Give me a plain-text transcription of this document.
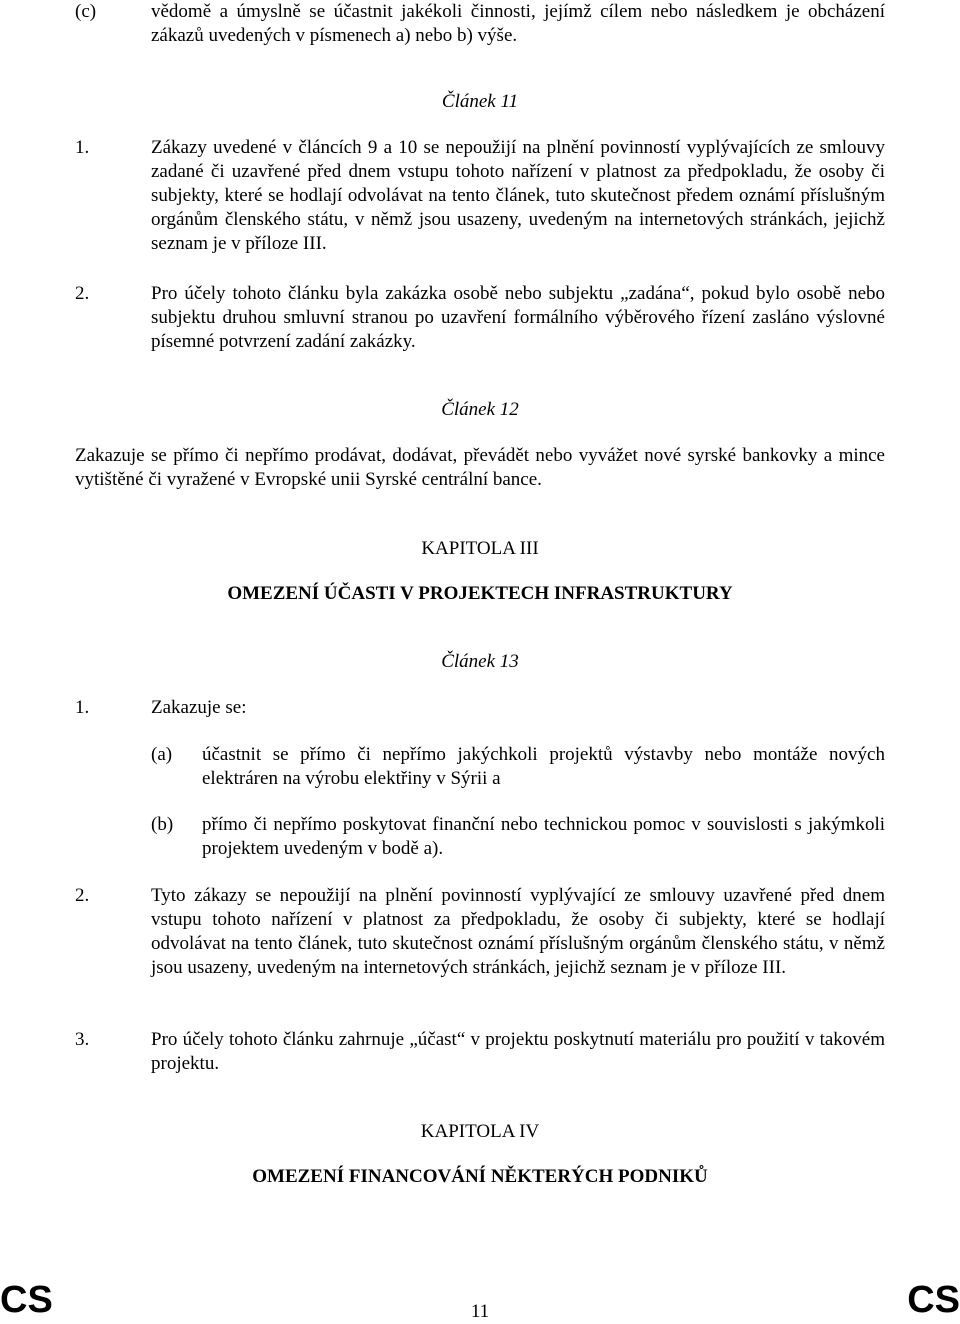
(c)	vědomě a úmyslně se účastnit jakékoli činnosti, jejímž cílem nebo následkem je obcházení zákazů uvedených v písmenech a) nebo b) výše.
Článek 11
1.	Zákazy uvedené v článcích 9 a 10 se nepoužijí na plnění povinností vyplývajících ze smlouvy zadané či uzavřené před dnem vstupu tohoto nařízení v platnost za předpokladu, že osoby či subjekty, které se hodlají odvolávat na tento článek, tuto skutečnost předem oznámí příslušným orgánům členského státu, v němž jsou usazeny, uvedeným na internetových stránkách, jejichž seznam je v příloze III.
2.	Pro účely tohoto článku byla zakázka osobě nebo subjektu „zadána“, pokud bylo osobě nebo subjektu druhou smluvní stranou po uzavření formálního výběrového řízení zasláno výslovné písemné potvrzení zadání zakázky.
Článek 12
Zakazuje se přímo či nepřímo prodávat, dodávat, převádět nebo vyvážet nové syrské bankovky a mince vytištěné či vyražené v Evropské unii Syrské centrální bance.
KAPITOLA III
OMEZENÍ ÚČASTI V PROJEKTECH INFRASTRUKTURY
Článek 13
1.	Zakazuje se:
(a) účastnit se přímo či nepřímo jakýchkoli projektů výstavby nebo montáže nových elektráren na výrobu elektřiny v Sýrii a
(b) přímo či nepřímo poskytovat finanční nebo technickou pomoc v souvislosti s jakýmkoli projektem uvedeným v bodě a).
2.	Tyto zákazy se nepoužijí na plnění povinností vyplývající ze smlouvy uzavřené před dnem vstupu tohoto nařízení v platnost za předpokladu, že osoby či subjekty, které se hodlají odvolávat na tento článek, tuto skutečnost oznámí příslušným orgánům členského státu, v němž jsou usazeny, uvedeným na internetových stránkách, jejichž seznam je v příloze III.
3.	Pro účely tohoto článku zahrnuje „účast“ v projektu poskytnutí materiálu pro použití v takovém projektu.
KAPITOLA IV
OMEZENÍ FINANCOVÁNÍ NĚKTERÝCH PODNIKŮ
CS	11	CS
